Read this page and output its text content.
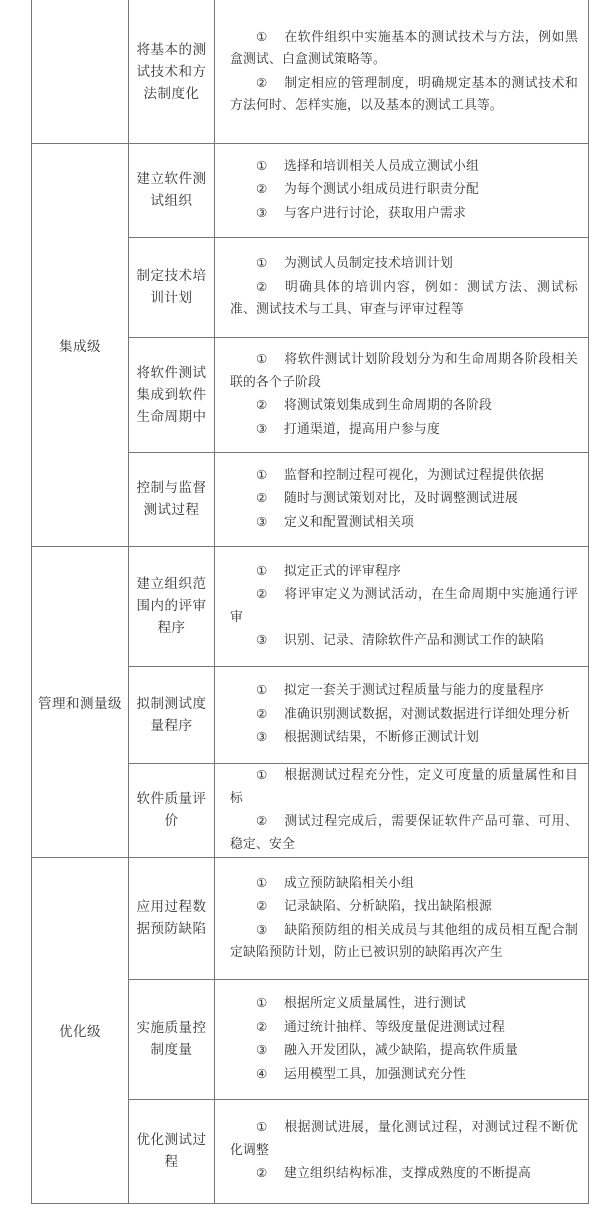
将基本的测试技术和方法制度化
① 在软件组织中实施基本的测试技术与方法，例如黑盒测试、白盒测试策略等。
② 制定相应的管理制度，明确规定基本的测试技术和方法何时、怎样实施，以及基本的测试工具等。
集成级
建立软件测试组织
① 选择和培训相关人员成立测试小组
② 为每个测试小组成员进行职责分配
③ 与客户进行讨论，获取用户需求
制定技术培训计划
① 为测试人员制定技术培训计划
② 明确具体的培训内容，例如：测试方法、测试标准、测试技术与工具、审查与评审过程等
将软件测试集成到软件生命周期中
① 将软件测试计划阶段划分为和生命周期各阶段相关联的各个子阶段
② 将测试策划集成到生命周期的各阶段
③ 打通渠道，提高用户参与度
控制与监督测试过程
① 监督和控制过程可视化，为测试过程提供依据
② 随时与测试策划对比，及时调整测试进展
③ 定义和配置测试相关项
管理和测量级
建立组织范围内的评审程序
① 拟定正式的评审程序
② 将评审定义为测试活动，在生命周期中实施通行评审
③ 识别、记录、清除软件产品和测试工作的缺陷
拟制测试度量程序
① 拟定一套关于测试过程质量与能力的度量程序
② 准确识别测试数据，对测试数据进行详细处理分析
③ 根据测试结果，不断修正测试计划
软件质量评价
① 根据测试过程充分性，定义可度量的质量属性和目标
② 测试过程完成后，需要保证软件产品可靠、可用、稳定、安全
优化级
应用过程数据预防缺陷
① 成立预防缺陷相关小组
② 记录缺陷、分析缺陷，找出缺陷根源
③ 缺陷预防组的相关成员与其他组的成员相互配合制定缺陷预防计划，防止已被识别的缺陷再次产生
实施质量控制度量
① 根据所定义质量属性，进行测试
② 通过统计抽样、等级度量促进测试过程
③ 融入开发团队，减少缺陷，提高软件质量
④ 运用模型工具，加强测试充分性
优化测试过程
① 根据测试进展，量化测试过程，对测试过程不断优化调整
② 建立组织结构标准，支撑成熟度的不断提高
